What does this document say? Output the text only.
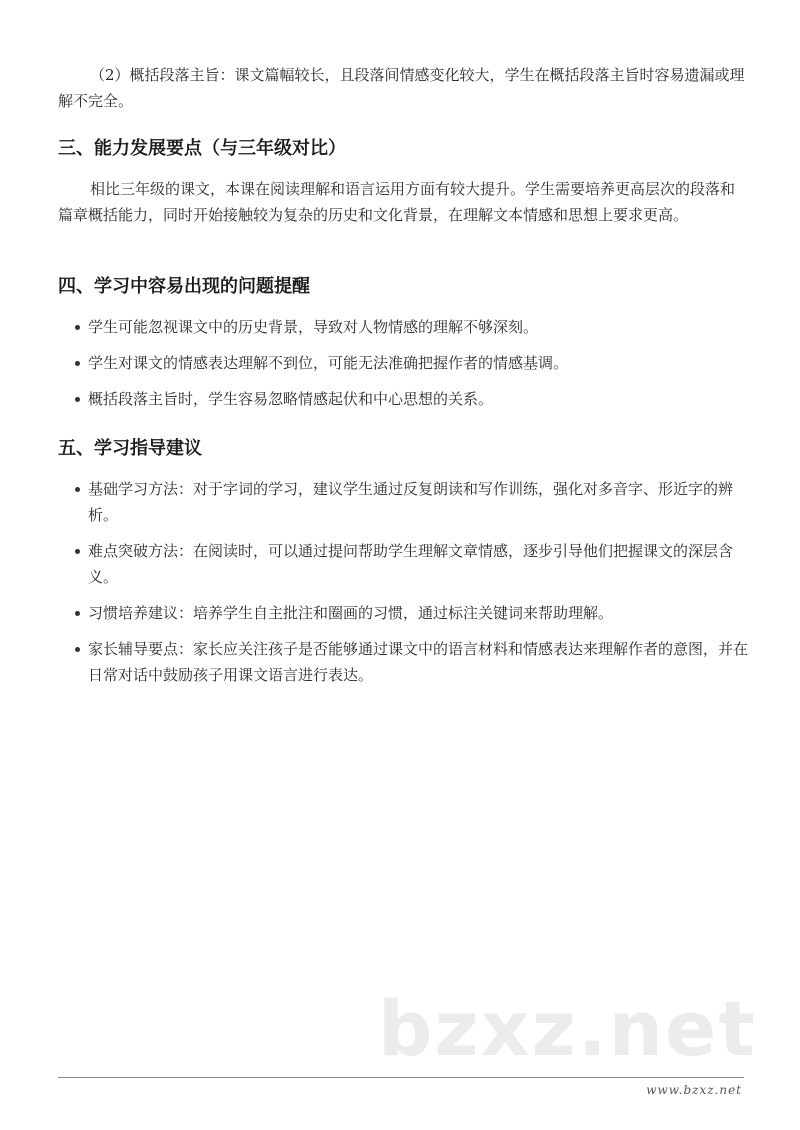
（2）概括段落主旨：课文篇幅较长，且段落间情感变化较大，学生在概括段落主旨时容易遗漏或理解不完全。

三、能力发展要点（与三年级对比）

相比三年级的课文，本课在阅读理解和语言运用方面有较大提升。学生需要培养更高层次的段落和篇章概括能力，同时开始接触较为复杂的历史和文化背景，在理解文本情感和思想上要求更高。

四、学习中容易出现的问题提醒
学生可能忽视课文中的历史背景，导致对人物情感的理解不够深刻。
学生对课文的情感表达理解不到位，可能无法准确把握作者的情感基调。
概括段落主旨时，学生容易忽略情感起伏和中心思想的关系。
五、学习指导建议
基础学习方法：对于字词的学习，建议学生通过反复朗读和写作训练，强化对多音字、形近字的辨析。
难点突破方法：在阅读时，可以通过提问帮助学生理解文章情感，逐步引导他们把握课文的深层含义。
习惯培养建议：培养学生自主批注和圈画的习惯，通过标注关键词来帮助理解。
家长辅导要点：家长应关注孩子是否能够通过课文中的语言材料和情感表达来理解作者的意图，并在日常对话中鼓励孩子用课文语言进行表达。
bzxz.net
www.bzxz.net
